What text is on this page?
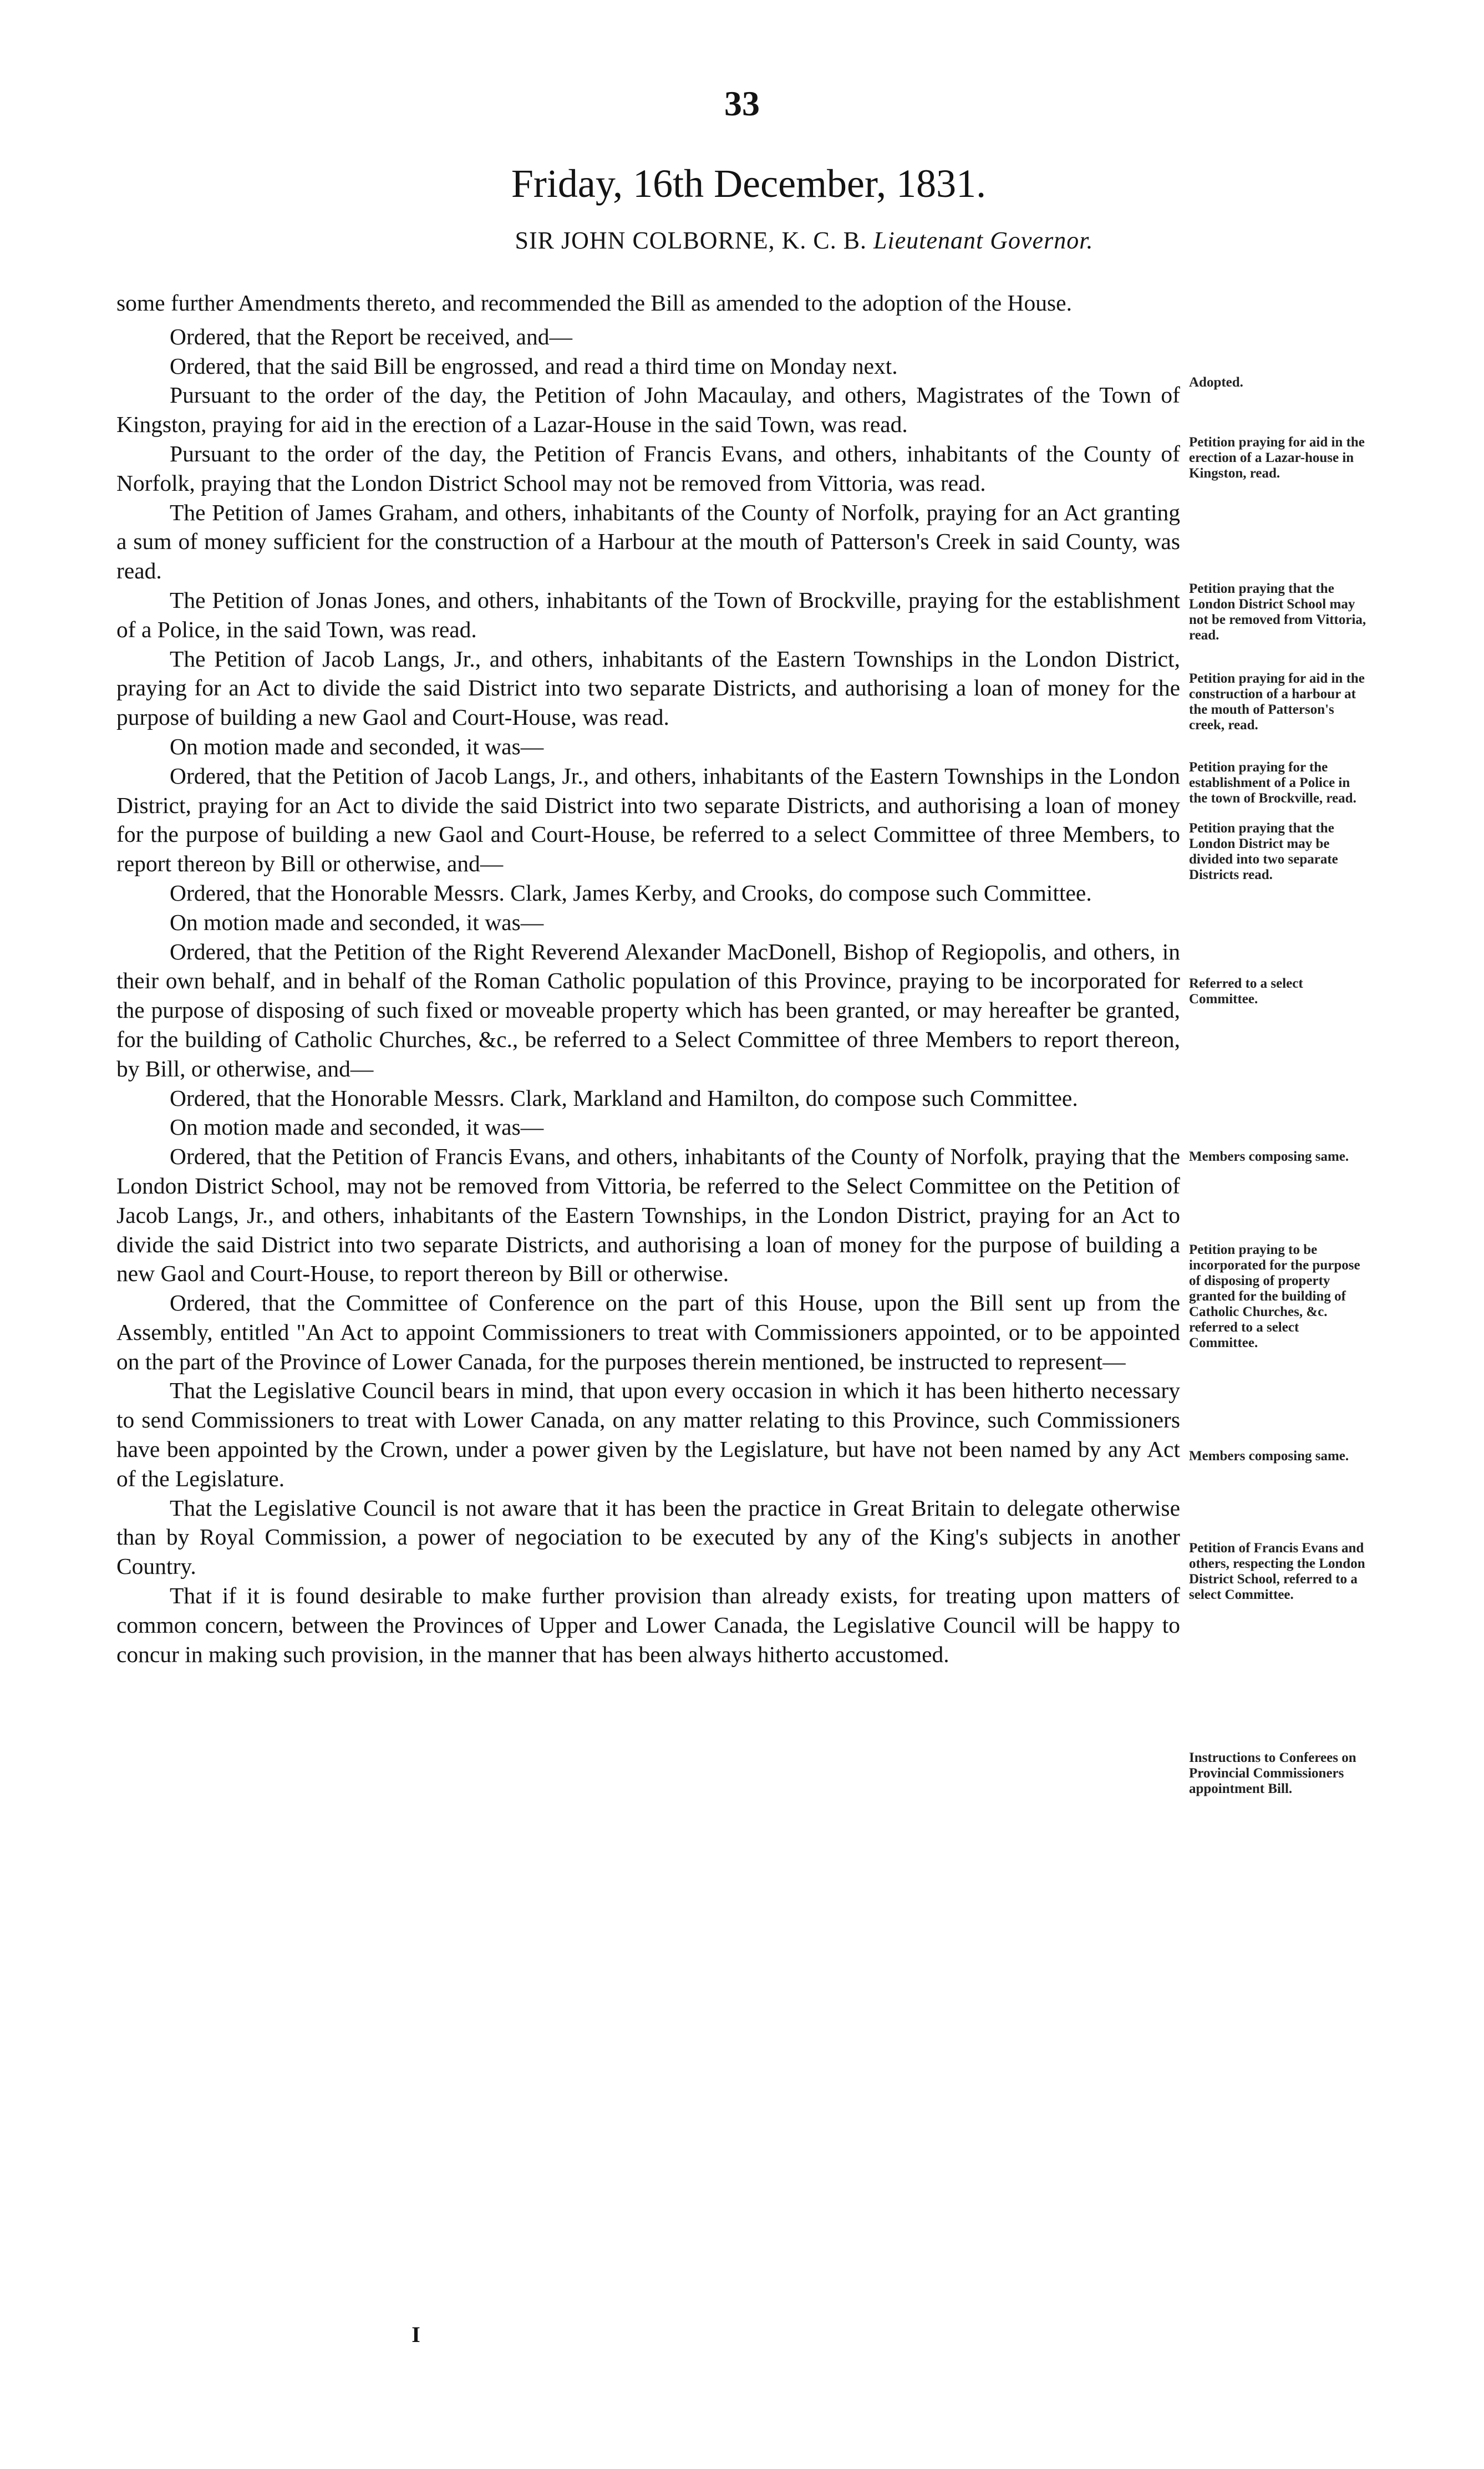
33
Friday, 16th December, 1831.
SIR JOHN COLBORNE, K. C. B. Lieutenant Governor.

some further Amendments thereto, and recommended the Bill as amended to the adoption of the House.

Ordered, that the Report be received, and—

Ordered, that the said Bill be engrossed, and read a third time on Monday next.

Pursuant to the order of the day, the Petition of John Macaulay, and others, Magistrates of the Town of Kingston, praying for aid in the erection of a Lazar-House in the said Town, was read.

Pursuant to the order of the day, the Petition of Francis Evans, and others, inhabitants of the County of Norfolk, praying that the London District School may not be removed from Vittoria, was read.

The Petition of James Graham, and others, inhabitants of the County of Norfolk, praying for an Act granting a sum of money sufficient for the construction of a Harbour at the mouth of Patterson's Creek in said County, was read.

The Petition of Jonas Jones, and others, inhabitants of the Town of Brockville, praying for the establishment of a Police, in the said Town, was read.

The Petition of Jacob Langs, Jr., and others, inhabitants of the Eastern Townships in the London District, praying for an Act to divide the said District into two separate Districts, and authorising a loan of money for the purpose of building a new Gaol and Court-House, was read.

On motion made and seconded, it was—

Ordered, that the Petition of Jacob Langs, Jr., and others, inhabitants of the Eastern Townships in the London District, praying for an Act to divide the said District into two separate Districts, and authorising a loan of money for the purpose of building a new Gaol and Court-House, be referred to a select Committee of three Members, to report thereon by Bill or otherwise, and—

Ordered, that the Honorable Messrs. Clark, James Kerby, and Crooks, do compose such Committee.

On motion made and seconded, it was—

Ordered, that the Petition of the Right Reverend Alexander MacDonell, Bishop of Regiopolis, and others, in their own behalf, and in behalf of the Roman Catholic population of this Province, praying to be incorporated for the purpose of disposing of such fixed or moveable property which has been granted, or may hereafter be granted, for the building of Catholic Churches, &c., be referred to a Select Committee of three Members to report thereon, by Bill, or otherwise, and—

Ordered, that the Honorable Messrs. Clark, Markland and Hamilton, do compose such Committee.

On motion made and seconded, it was—

Ordered, that the Petition of Francis Evans, and others, inhabitants of the County of Norfolk, praying that the London District School, may not be removed from Vittoria, be referred to the Select Committee on the Petition of Jacob Langs, Jr., and others, inhabitants of the Eastern Townships, in the London District, praying for an Act to divide the said District into two separate Districts, and authorising a loan of money for the purpose of building a new Gaol and Court-House, to report thereon by Bill or otherwise.

Ordered, that the Committee of Conference on the part of this House, upon the Bill sent up from the Assembly, entitled "An Act to appoint Commissioners to treat with Commissioners appointed, or to be appointed on the part of the Province of Lower Canada, for the purposes therein mentioned, be instructed to represent—

That the Legislative Council bears in mind, that upon every occasion in which it has been hitherto necessary to send Commissioners to treat with Lower Canada, on any matter relating to this Province, such Commissioners have been appointed by the Crown, under a power given by the Legislature, but have not been named by any Act of the Legislature.

That the Legislative Council is not aware that it has been the practice in Great Britain to delegate otherwise than by Royal Commission, a power of negociation to be executed by any of the King's subjects in another Country.

That if it is found desirable to make further provision than already exists, for treating upon matters of common concern, between the Provinces of Upper and Lower Canada, the Legislative Council will be happy to concur in making such provision, in the manner that has been always hitherto accustomed.

Adopted.
Petition praying for aid in the erection of a Lazar-house in Kingston, read.
Petition praying that the London District School may not be removed from Vittoria, read.
Petition praying for aid in the construction of a harbour at the mouth of Patterson's creek, read.
Petition praying for the establishment of a Police in the town of Brockville, read.
Petition praying that the London District may be divided into two separate Districts read.
Referred to a select Committee.
Members composing same.
Petition praying to be incorporated for the purpose of disposing of property granted for the building of Catholic Churches, &c. referred to a select Committee.
Members composing same.
Petition of Francis Evans and others, respecting the London District School, referred to a select Committee.
Instructions to Conferees on Provincial Commissioners appointment Bill.
I
